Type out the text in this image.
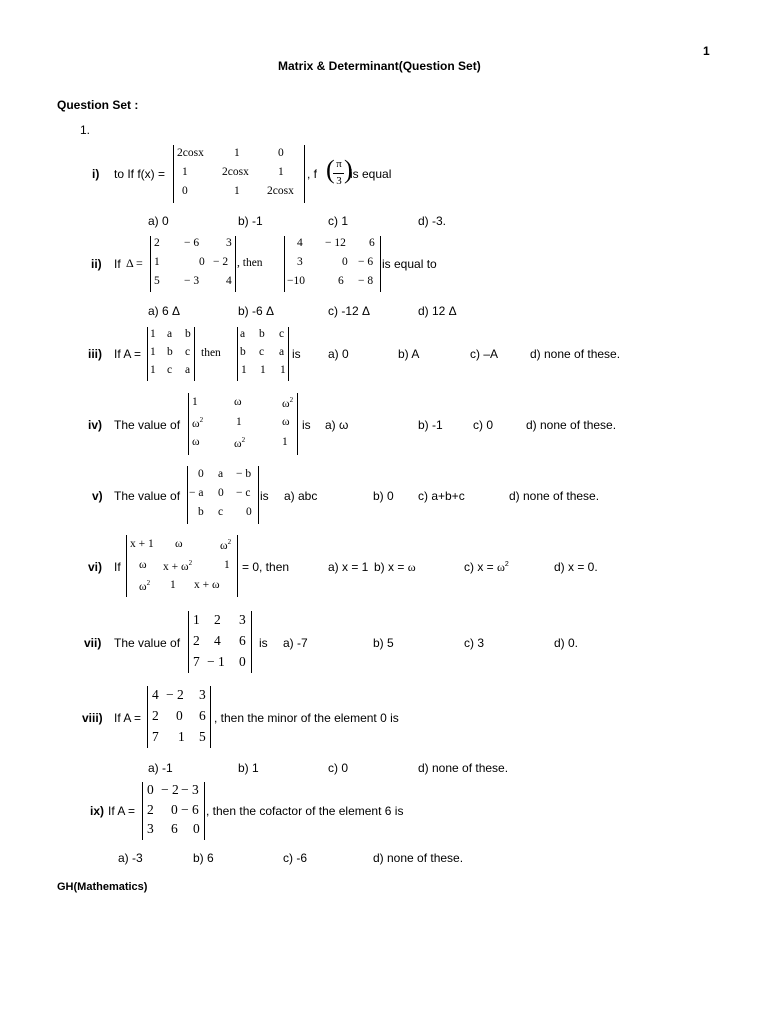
1
Matrix & Determinant(Question Set)
Question Set :
1.
i) to If f(x) =
2cosx	1	0
1	2cosx	1
0	1 2cosx
, f ( π
3 )
is equal
a) 0	b) -1	c) 1	d) -3.
ii) If Δ =
2 − 6 3
1	0 − 2
5 − 3 4
, then
4 − 12 6
3	0 − 6
−10	6 − 8
is equal to
a) 6 Δ	b) -6 Δ	c) -12 Δ	d) 12 Δ
iii) If A =
1 a b
1 b c
1 c a
then
a b c
b c a
1 1 1
is a) 0	b) A	c) –A	d) none of these.
iv) The value of
1	ω	$\omega^2$
$\omega^2$	1	ω
ω	$\omega^2$	1
is a) ω	b) -1	c) 0	d) none of these.
v) The value of
0 a − b
− a 0 − c
b c 0
is a) abc	b) 0 c) a+b+c	d) none of these.
vi) If
x + 1 ω	$\omega^2$
ω $x + \omega^2$	1
$\omega^2$ 1 x + ω
= 0, then	a) x = 1 b) x = ω	c) $x = \omega^2$	d) x = 0.
vii) The value of
1 2 3
2 4 6
7 − 1 0
is a) -7	b) 5	c) 3	d) 0.
viii) If A =
4 − 2 3
2 0 6
7 1 5
, then the minor of the element 0 is
a) -1	b) 1	c) 0	d) none of these.
ix) If A =
0 − 2 − 3
2 0 − 6
3 6 0
, then the cofactor of the element 6 is
a) -3	b) 6	c) -6	d) none of these.
GH(Mathematics)
